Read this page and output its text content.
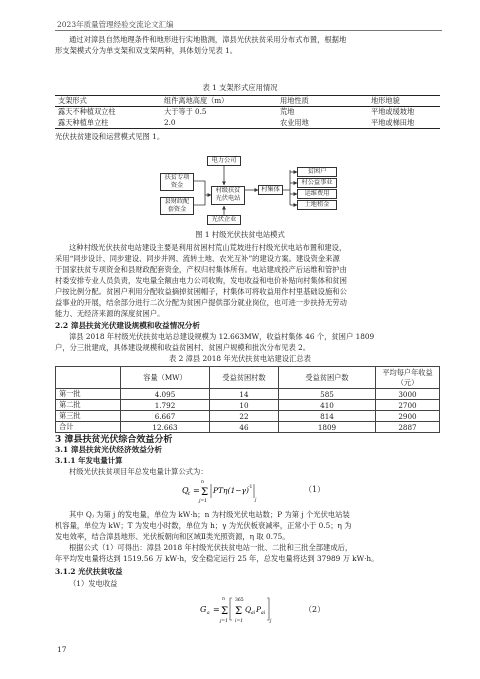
2023年质量管理经验交流论文汇编
通过对漳县自然地理条件和地形进行实地勘测，漳县光伏扶贫采用分布式布置，根据地
形支架模式分为单支架和双支架两种，具体划分见表 1。
表 1 支架形式应用情况
支架形式	组件离地高度（m）	用地性质	地形地貌
露天不种植双立柱	大于等于 0.5	荒地	平地或缓坡地
露天种植单立柱	2.0	农业用地	平地或梯田地
光伏扶贫建设和运营模式见图 1。
电力公司
扶贫专项
资金
县财政配
套资金
村级扶贫
光伏电站
村集体
光伏企业
贫困户
村公益事业
运维费用
土地租金
图 1 村级光伏扶贫电站模式
这种村级光伏扶贫电站建设主要是利用贫困村荒山荒坡进行村级光伏电站布置和建设，
采用“同步设计、同步建设、同步并网、流转土地、农光互补”的建设方案。建设资金来源
于国家扶贫专项资金和县财政配套资金，产权归村集体所有。电站建成投产后运维和管护由
村委安排专业人员负责，发电量全额由电力公司收购，发电收益和电价补贴向村集体和贫困
户按比例分配。贫困户利用分配收益摘掉贫困帽子，村集体可将收益用作村里基础设施和公
益事业的开展，结余部分进行二次分配为贫困户提供部分就业岗位，也可进一步扶持无劳动
能力、无经济来源的深度贫困户。
2.2 漳县扶贫光伏建设规模和收益情况分析
漳县 2018 年村级光伏扶贫电站总建设规模为 12.663MW，收益村集体 46 个，贫困户 1809
户，分三批建成，具体建设规模和收益贫困村、贫困户规模和批次分布见表 2。
表 2 漳县 2018 年光伏扶贫电站建设汇总表
	容量（MW）	受益贫困村数	受益贫困户数	平均每户年收益（元）
第一批	4.095	14	585	3000
第二批	1.792	10	410	2700
第三批	6.667	22	814	2900
合计	12.663	46	1809	2887
3 漳县扶贫光伏综合效益分析
3.1 漳县扶贫光伏经济效益分析
3.1.1 年发电量计算
村级光伏扶贫项目年总发电量计算公式为：
Q t =
n
Σ
j=1
PTη(1−γ) -1
j
（1）
其中 Qⱼ 为第 j 的发电量，单位为 kW·h；n 为村级光伏电站数；P 为第 j 个光伏电站装
机容量，单位为 kW；T 为发电小时数，单位为 h；γ 为光伏板衰减率，正常小于 0.5；η 为
发电效率，结合漳县地形、光伏板朝向和区域Ⅱ类光照资源，η 取 0.75。
根据公式（1）可得出：漳县 2018 年村级光伏扶贫电站一批、二批和三批全部建成后，
年平均发电量将达到 1519.56 万 kW·h，安全稳定运行 25 年，总发电量将达到 37989 万 kW·h。
3.1.2 光伏扶贫收益
（1）发电收益
G a =
n
Σ
j=1
365
Σ
i=1
Q ai P ai
j
（2）
17
